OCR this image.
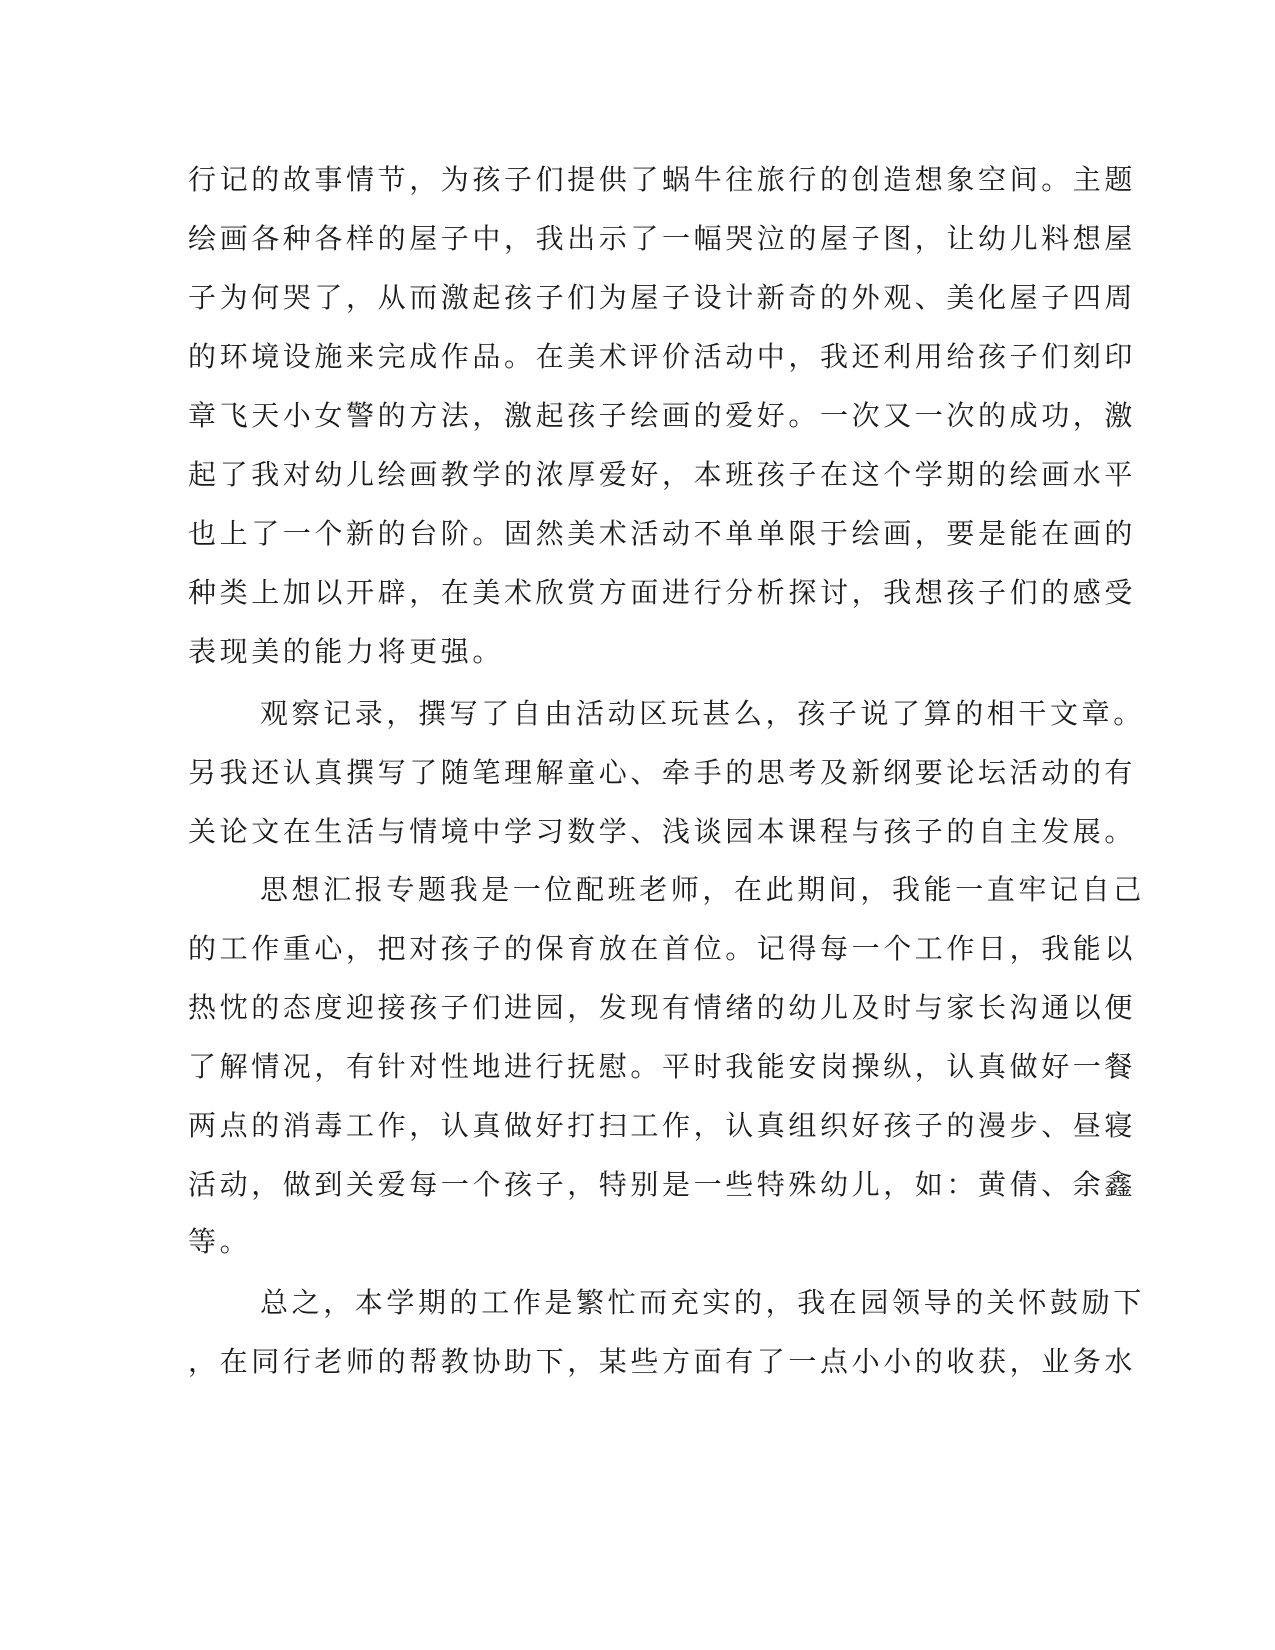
行记的故事情节，为孩子们提供了蜗牛往旅行的创造想象空间。主题
绘画各种各样的屋子中，我出示了一幅哭泣的屋子图，让幼儿料想屋
子为何哭了，从而激起孩子们为屋子设计新奇的外观、美化屋子四周
的环境设施来完成作品。在美术评价活动中，我还利用给孩子们刻印
章飞天小女警的方法，激起孩子绘画的爱好。一次又一次的成功，激
起了我对幼儿绘画教学的浓厚爱好，本班孩子在这个学期的绘画水平
也上了一个新的台阶。固然美术活动不单单限于绘画，要是能在画的
种类上加以开辟，在美术欣赏方面进行分析探讨，我想孩子们的感受
表现美的能力将更强。
观察记录，撰写了自由活动区玩甚么，孩子说了算的相干文章。
另我还认真撰写了随笔理解童心、牵手的思考及新纲要论坛活动的有
关论文在生活与情境中学习数学、浅谈园本课程与孩子的自主发展。
思想汇报专题我是一位配班老师，在此期间，我能一直牢记自己
的工作重心，把对孩子的保育放在首位。记得每一个工作日，我能以
热忱的态度迎接孩子们进园，发现有情绪的幼儿及时与家长沟通以便
了解情况，有针对性地进行抚慰。平时我能安岗操纵，认真做好一餐
两点的消毒工作，认真做好打扫工作，认真组织好孩子的漫步、昼寝
活动，做到关爱每一个孩子，特别是一些特殊幼儿，如：黄倩、余鑫
等。
总之，本学期的工作是繁忙而充实的，我在园领导的关怀鼓励下
，在同行老师的帮教协助下，某些方面有了一点小小的收获，业务水
